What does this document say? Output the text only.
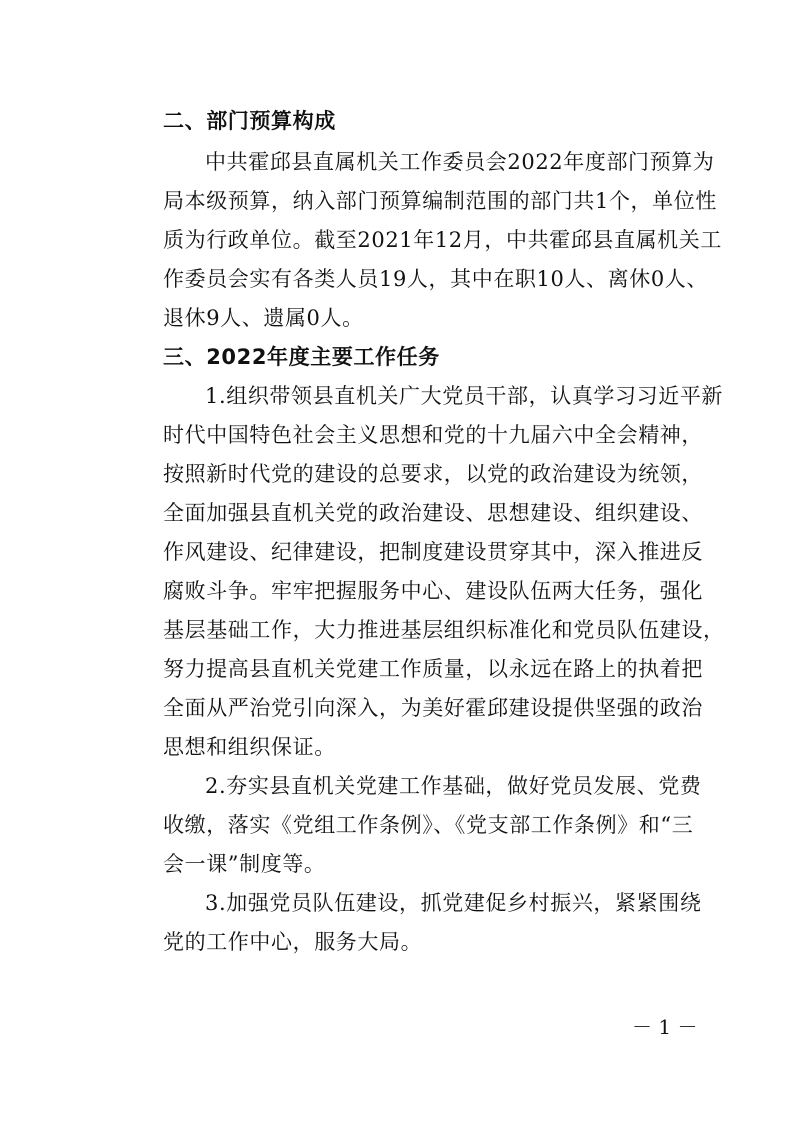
二、部门预算构成
中共霍邱县直属机关工作委员会2022年度部门预算为
局本级预算，纳入部门预算编制范围的部门共1个，单位性
质为行政单位。截至2021年12月，中共霍邱县直属机关工
作委员会实有各类人员19人，其中在职10人、离休0人、
退休9人、遗属0人。
三、2022年度主要工作任务
1.组织带领县直机关广大党员干部，认真学习习近平新
时代中国特色社会主义思想和党的十九届六中全会精神，
按照新时代党的建设的总要求，以党的政治建设为统领，
全面加强县直机关党的政治建设、思想建设、组织建设、
作风建设、纪律建设，把制度建设贯穿其中，深入推进反
腐败斗争。牢牢把握服务中心、建设队伍两大任务，强化
基层基础工作，大力推进基层组织标准化和党员队伍建设，
努力提高县直机关党建工作质量，以永远在路上的执着把
全面从严治党引向深入，为美好霍邱建设提供坚强的政治
思想和组织保证。
2.夯实县直机关党建工作基础，做好党员发展、党费
收缴，落实《党组工作条例》、《党支部工作条例》和“三
会一课”制度等。
3.加强党员队伍建设，抓党建促乡村振兴，紧紧围绕
党的工作中心，服务大局。
－ 1 －
